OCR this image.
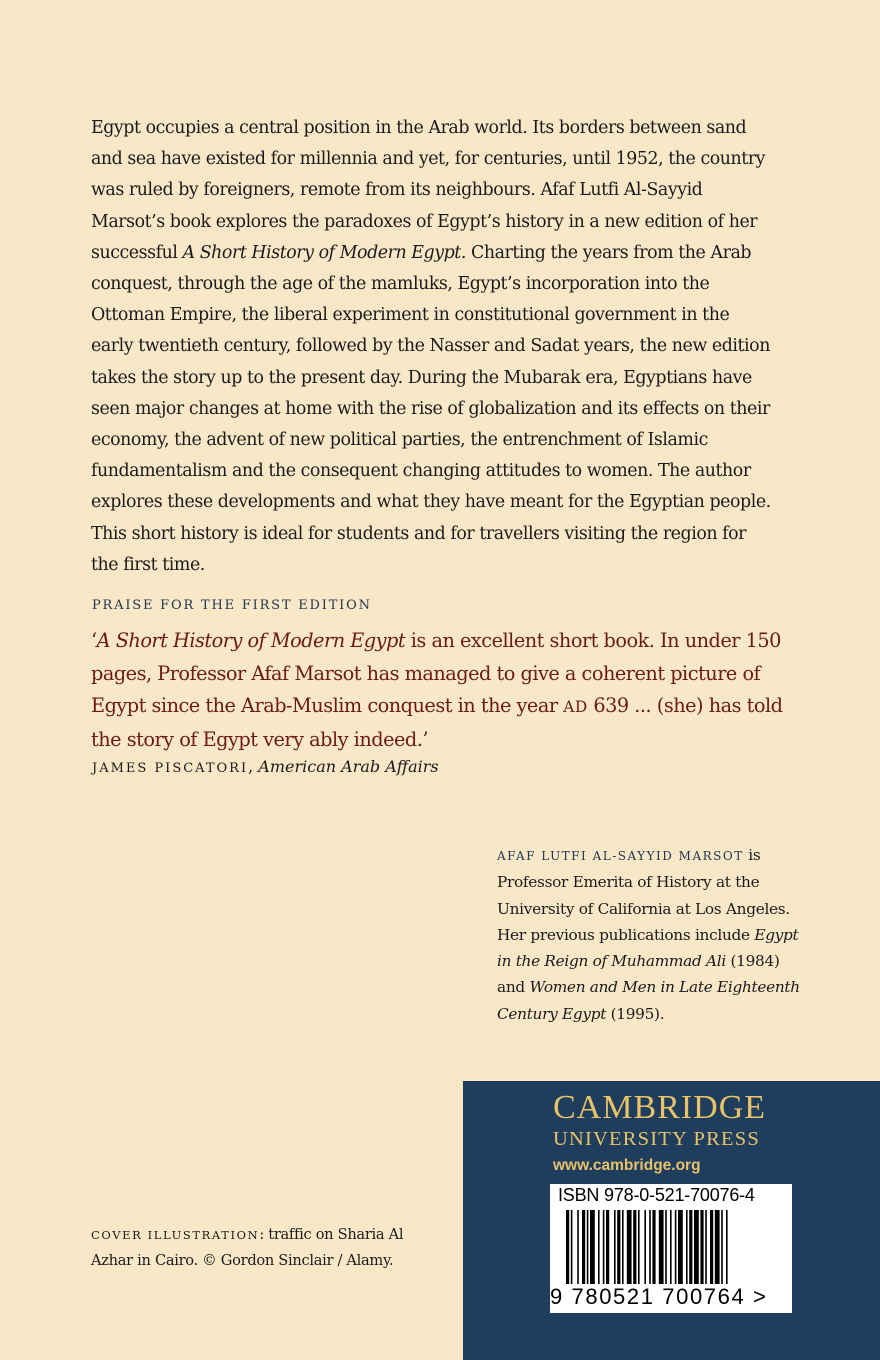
Egypt occupies a central position in the Arab world. Its borders between sand and sea have existed for millennia and yet, for centuries, until 1952, the country was ruled by foreigners, remote from its neighbours. Afaf Lutfi Al-Sayyid Marsot’s book explores the paradoxes of Egypt’s history in a new edition of her successful A Short History of Modern Egypt. Charting the years from the Arab conquest, through the age of the mamluks, Egypt’s incorporation into the Ottoman Empire, the liberal experiment in constitutional government in the early twentieth century, followed by the Nasser and Sadat years, the new edition takes the story up to the present day. During the Mubarak era, Egyptians have seen major changes at home with the rise of globalization and its effects on their economy, the advent of new political parties, the entrenchment of Islamic fundamentalism and the consequent changing attitudes to women. The author explores these developments and what they have meant for the Egyptian people. This short history is ideal for students and for travellers visiting the region for the first time.

PRAISE FOR THE FIRST EDITION

‘A Short History of Modern Egypt is an excellent short book. In under 150 pages, Professor Afaf Marsot has managed to give a coherent picture of Egypt since the Arab-Muslim conquest in the year AD 639 ... (she) has told the story of Egypt very ably indeed.’

JAMES PISCATORI, American Arab Affairs

AFAF LUTFI AL-SAYYID MARSOT is Professor Emerita of History at the University of California at Los Angeles. Her previous publications include Egypt in the Reign of Muhammad Ali (1984) and Women and Men in Late Eighteenth Century Egypt (1995).

COVER ILLUSTRATION: traffic on Sharia Al Azhar in Cairo. © Gordon Sinclair / Alamy.

CAMBRIDGE

UNIVERSITY PRESS

www.cambridge.org

ISBN 978-0-521-70076-4

9 780521 700764 >
